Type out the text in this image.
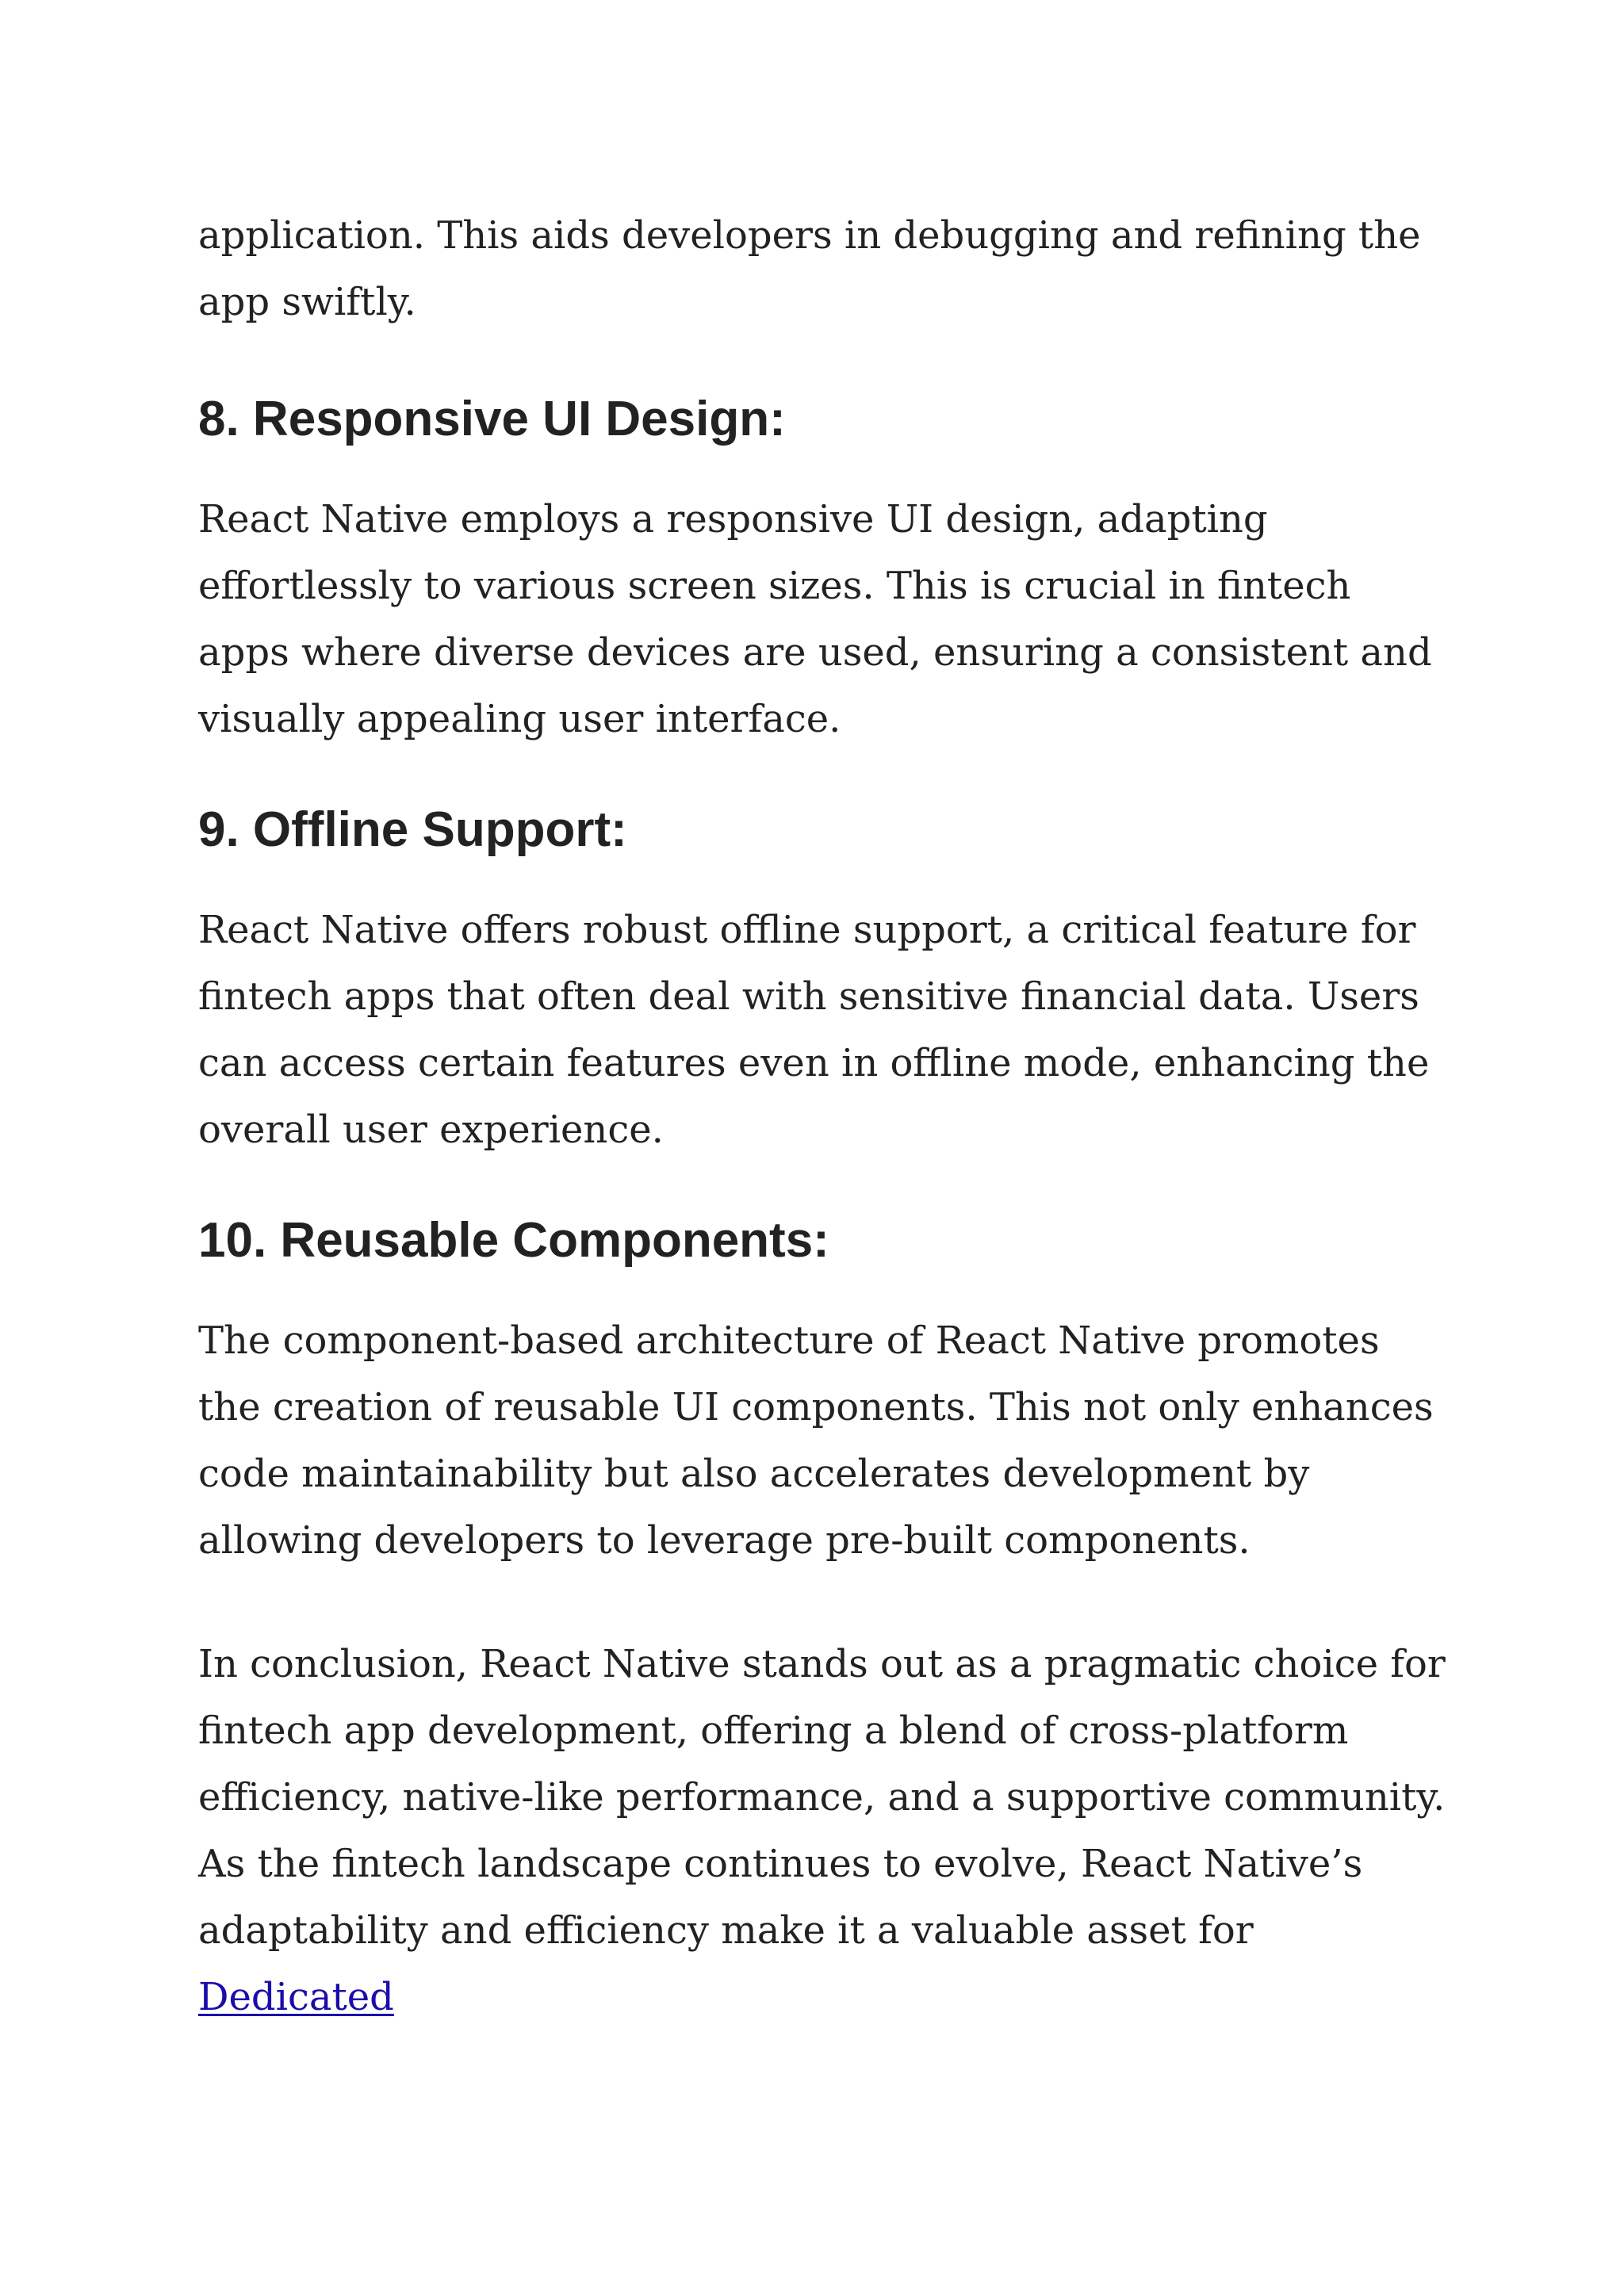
application. This aids developers in debugging and refining the app swiftly.

8. Responsive UI Design:

React Native employs a responsive UI design, adapting effortlessly to various screen sizes. This is crucial in fintech apps where diverse devices are used, ensuring a consistent and visually appealing user interface.

9. Offline Support:

React Native offers robust offline support, a critical feature for fintech apps that often deal with sensitive financial data. Users can access certain features even in offline mode, enhancing the overall user experience.

10. Reusable Components:

The component-based architecture of React Native promotes the creation of reusable UI components. This not only enhances code maintainability but also accelerates development by allowing developers to leverage pre-built components.

In conclusion, React Native stands out as a pragmatic choice for fintech app development, offering a blend of cross-platform efficiency, native-like performance, and a supportive community. As the fintech landscape continues to evolve, React Native’s adaptability and efficiency make it a valuable asset for Dedicated
